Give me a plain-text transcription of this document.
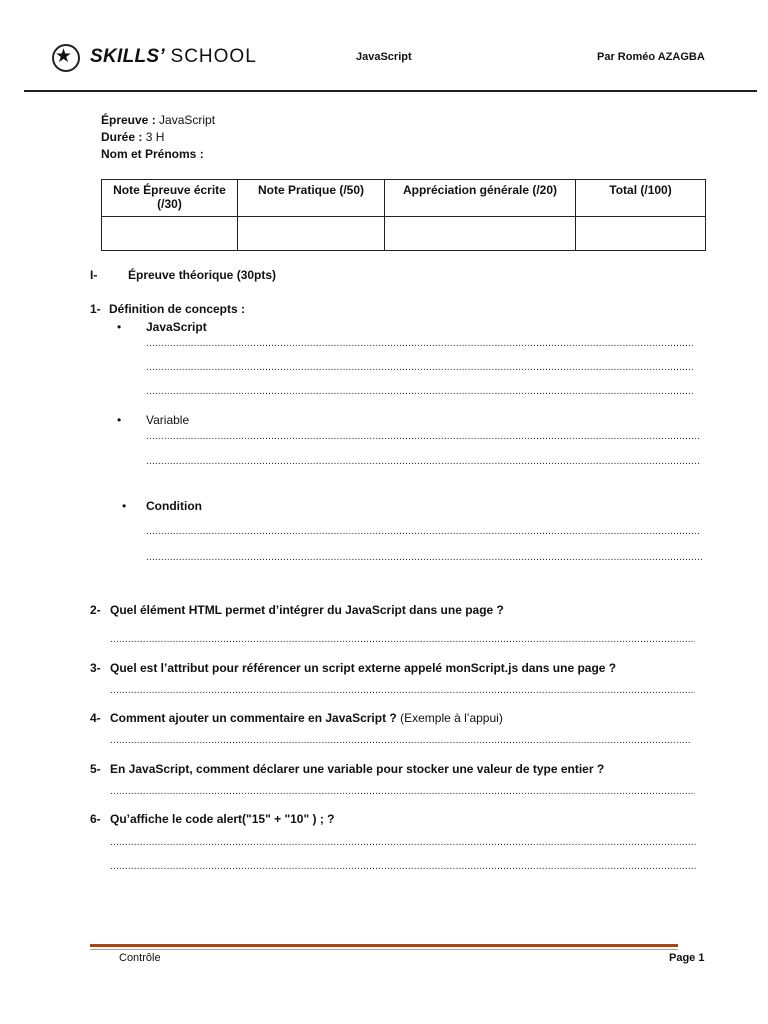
★ SKILLS’ SCHOOL	JavaScript	Par Roméo AZAGBA
Épreuve : JavaScript
Durée : 3 H
Nom et Prénoms :
Note Épreuve écrite (/30)	Note Pratique (/50)	Appréciation générale (/20)	Total (/100)

I-	Épreuve théorique (30pts)
1- Définition de concepts :
• JavaScript
.....
.....
.....
• Variable
.....
.....
• Condition
.....
.....
2- Quel élément HTML permet d’intégrer du JavaScript dans une page ?
.....
3- Quel est l’attribut pour référencer un script externe appelé monScript.js dans une page ?
.....
4- Comment ajouter un commentaire en JavaScript ? (Exemple à l’appui)
.....
5- En JavaScript, comment déclarer une variable pour stocker une valeur de type entier ?
.....
6- Qu’affiche le code alert("15" + "10" ) ; ?
.....
.....
Contrôle	Page 1
